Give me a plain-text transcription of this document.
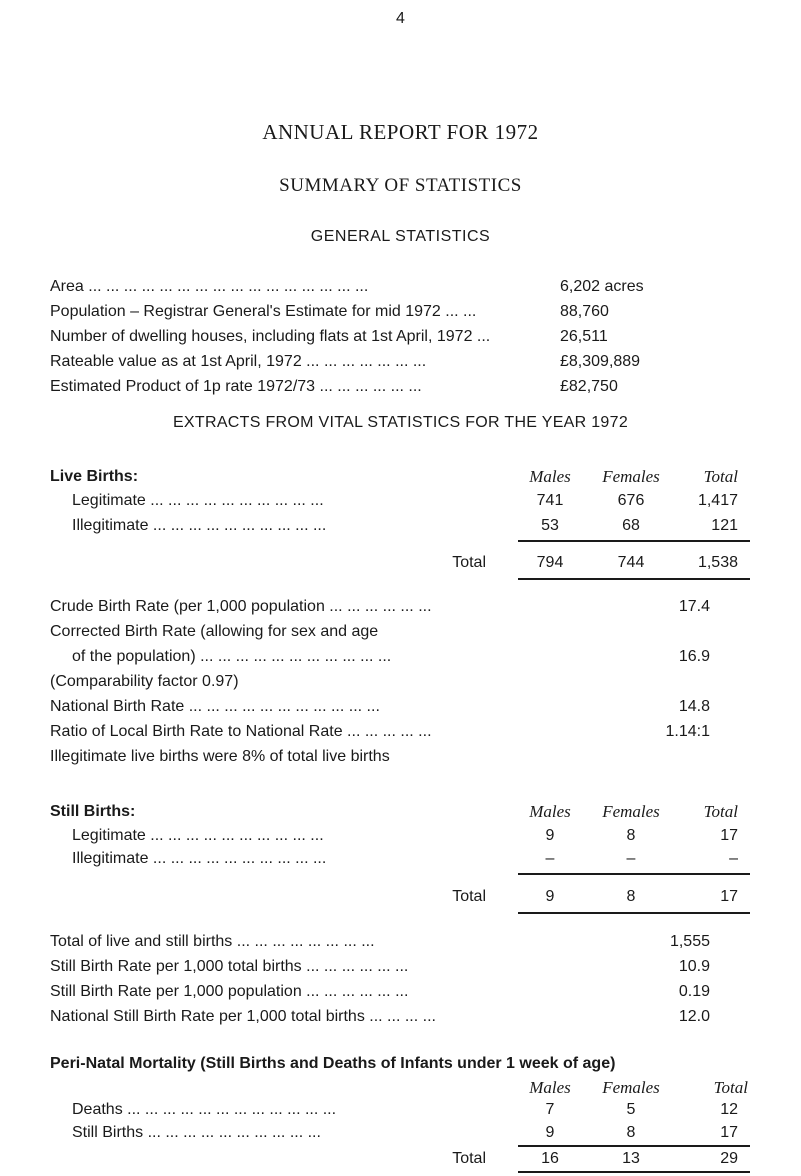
4
ANNUAL REPORT FOR 1972
SUMMARY OF STATISTICS
GENERAL STATISTICS
Area ... ... ... ... ... ... ... ... ... ... ... ... ... ... ... ...	6,202 acres
Population – Registrar General's Estimate for mid 1972 ... ...	88,760
Number of dwelling houses, including flats at 1st April, 1972 ...	26,511
Rateable value as at 1st April, 1972 ... ... ... ... ... ... ...	£8,309,889
Estimated Product of 1p rate 1972/73 ... ... ... ... ... ...	£82,750
EXTRACTS FROM VITAL STATISTICS FOR THE YEAR 1972
Live Births:	Males	Females	Total
Legitimate ... ... ... ... ... ... ... ... ... ...	741	676	1,417
Illegitimate ... ... ... ... ... ... ... ... ... ...	53	68	121
Total	794	744	1,538
Crude Birth Rate (per 1,000 population ... ... ... ... ... ...	17.4
Corrected Birth Rate (allowing for sex and age
of the population) ... ... ... ... ... ... ... ... ... ... ...	16.9
(Comparability factor 0.97)
National Birth Rate ... ... ... ... ... ... ... ... ... ... ...	14.8
Ratio of Local Birth Rate to National Rate ... ... ... ... ...	1.14:1
Illegitimate live births were 8% of total live births
Still Births:	Males	Females	Total
Legitimate ... ... ... ... ... ... ... ... ... ...	9	8	17
Illegitimate ... ... ... ... ... ... ... ... ... ...	–	–	–
Total	9	8	17
Total of live and still births ... ... ... ... ... ... ... ...	1,555
Still Birth Rate per 1,000 total births ... ... ... ... ... ...	10.9
Still Birth Rate per 1,000 population ... ... ... ... ... ...	0.19
National Still Birth Rate per 1,000 total births ... ... ... ...	12.0
Peri-Natal Mortality (Still Births and Deaths of Infants under 1 week of age)
Males	Females	Total
Deaths ... ... ... ... ... ... ... ... ... ... ... ...	7	5	12
Still Births ... ... ... ... ... ... ... ... ... ...	9	8	17
Total	16	13	29
